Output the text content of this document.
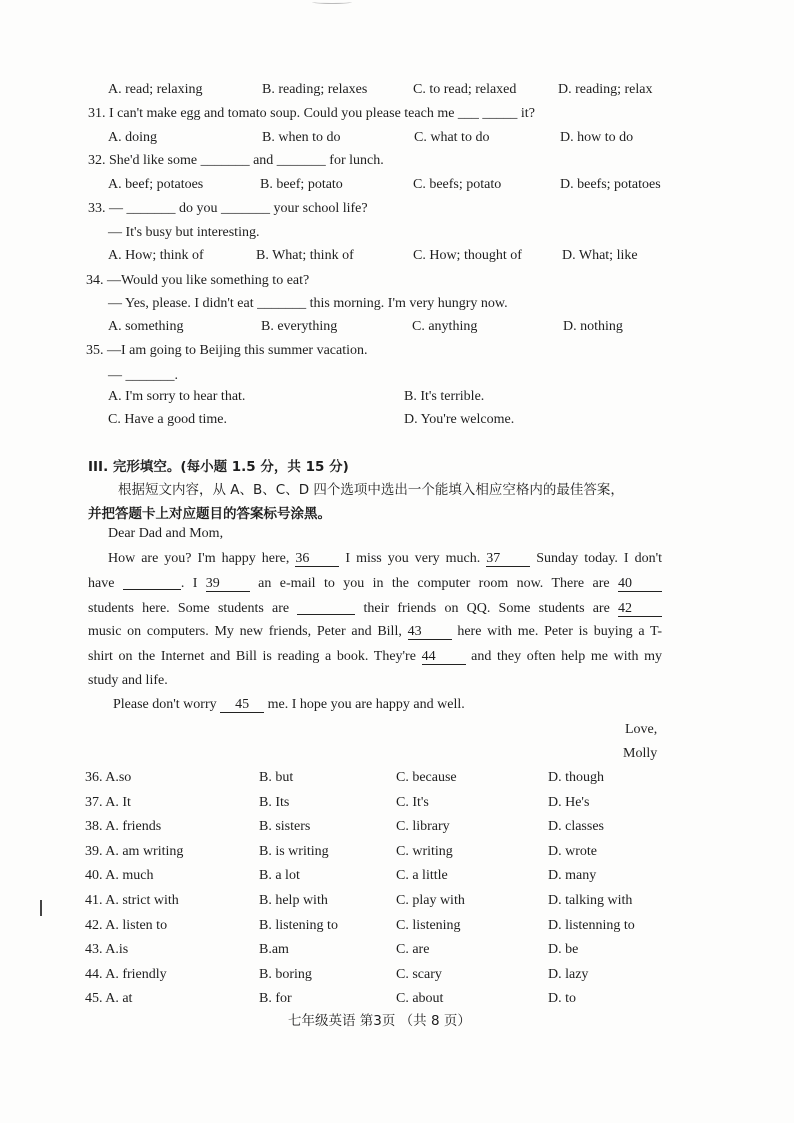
A. read; relaxing	B. reading; relaxes	C. to read; relaxed	D. reading; relax
31. I can't make egg and tomato soup. Could you please teach me ___ _____ it?
A. doing	B. when to do	C. what to do	D. how to do
32. She'd like some _______ and _______ for lunch.
A. beef; potatoes	B. beef; potato	C. beefs; potato	D. beefs; potatoes
33. — _______ do you _______ your school life?
— It's busy but interesting.
A. How; think of	B. What; think of	C. How; thought of	D. What; like
34. —Would you like something to eat?
— Yes, please. I didn't eat _______ this morning. I'm very hungry now.
A. something	B. everything	C. anything	D. nothing
35. —I am going to Beijing this summer vacation.
— _______.
A. I'm sorry to hear that.	B. It's terrible.
C. Have a good time.	D. You're welcome.
III. 完形填空。(每小题 1.5 分，共 15 分)
根据短文内容，从 A、B、C、D 四个选项中选出一个能填入相应空格内的最佳答案，
并把答题卡上对应题目的答案标号涂黑。
Dear Dad and Mom,
How are you? I'm happy here, 36 I miss you very much. 37 Sunday today. I don't
have	. I 39 an e-mail to you in the computer room now. There are 40
students here. Some students are	their friends on QQ. Some students are 42
music on computers. My new friends, Peter and Bill, 43 here with me. Peter is buying a T-
shirt on the Internet and Bill is reading a book. They're 44 and they often help me with my
study and life.
Please don't worry 45 me. I hope you are happy and well.
Love,
Molly
36. A.so	B. but	C. because	D. though
37. A. It	B. Its	C. It's	D. He's
38. A. friends	B. sisters	C. library	D. classes
39. A. am writing	B. is writing	C. writing	D. wrote
40. A. much	B. a lot	C. a little	D. many
41. A. strict with	B. help with	C. play with	D. talking with
42. A. listen to	B. listening to	C. listening	D. listenning to
43. A.is	B.am	C. are	D. be
44. A. friendly	B. boring	C. scary	D. lazy
45. A. at	B. for	C. about	D. to
七年级英语 第3页 （共 8 页）
